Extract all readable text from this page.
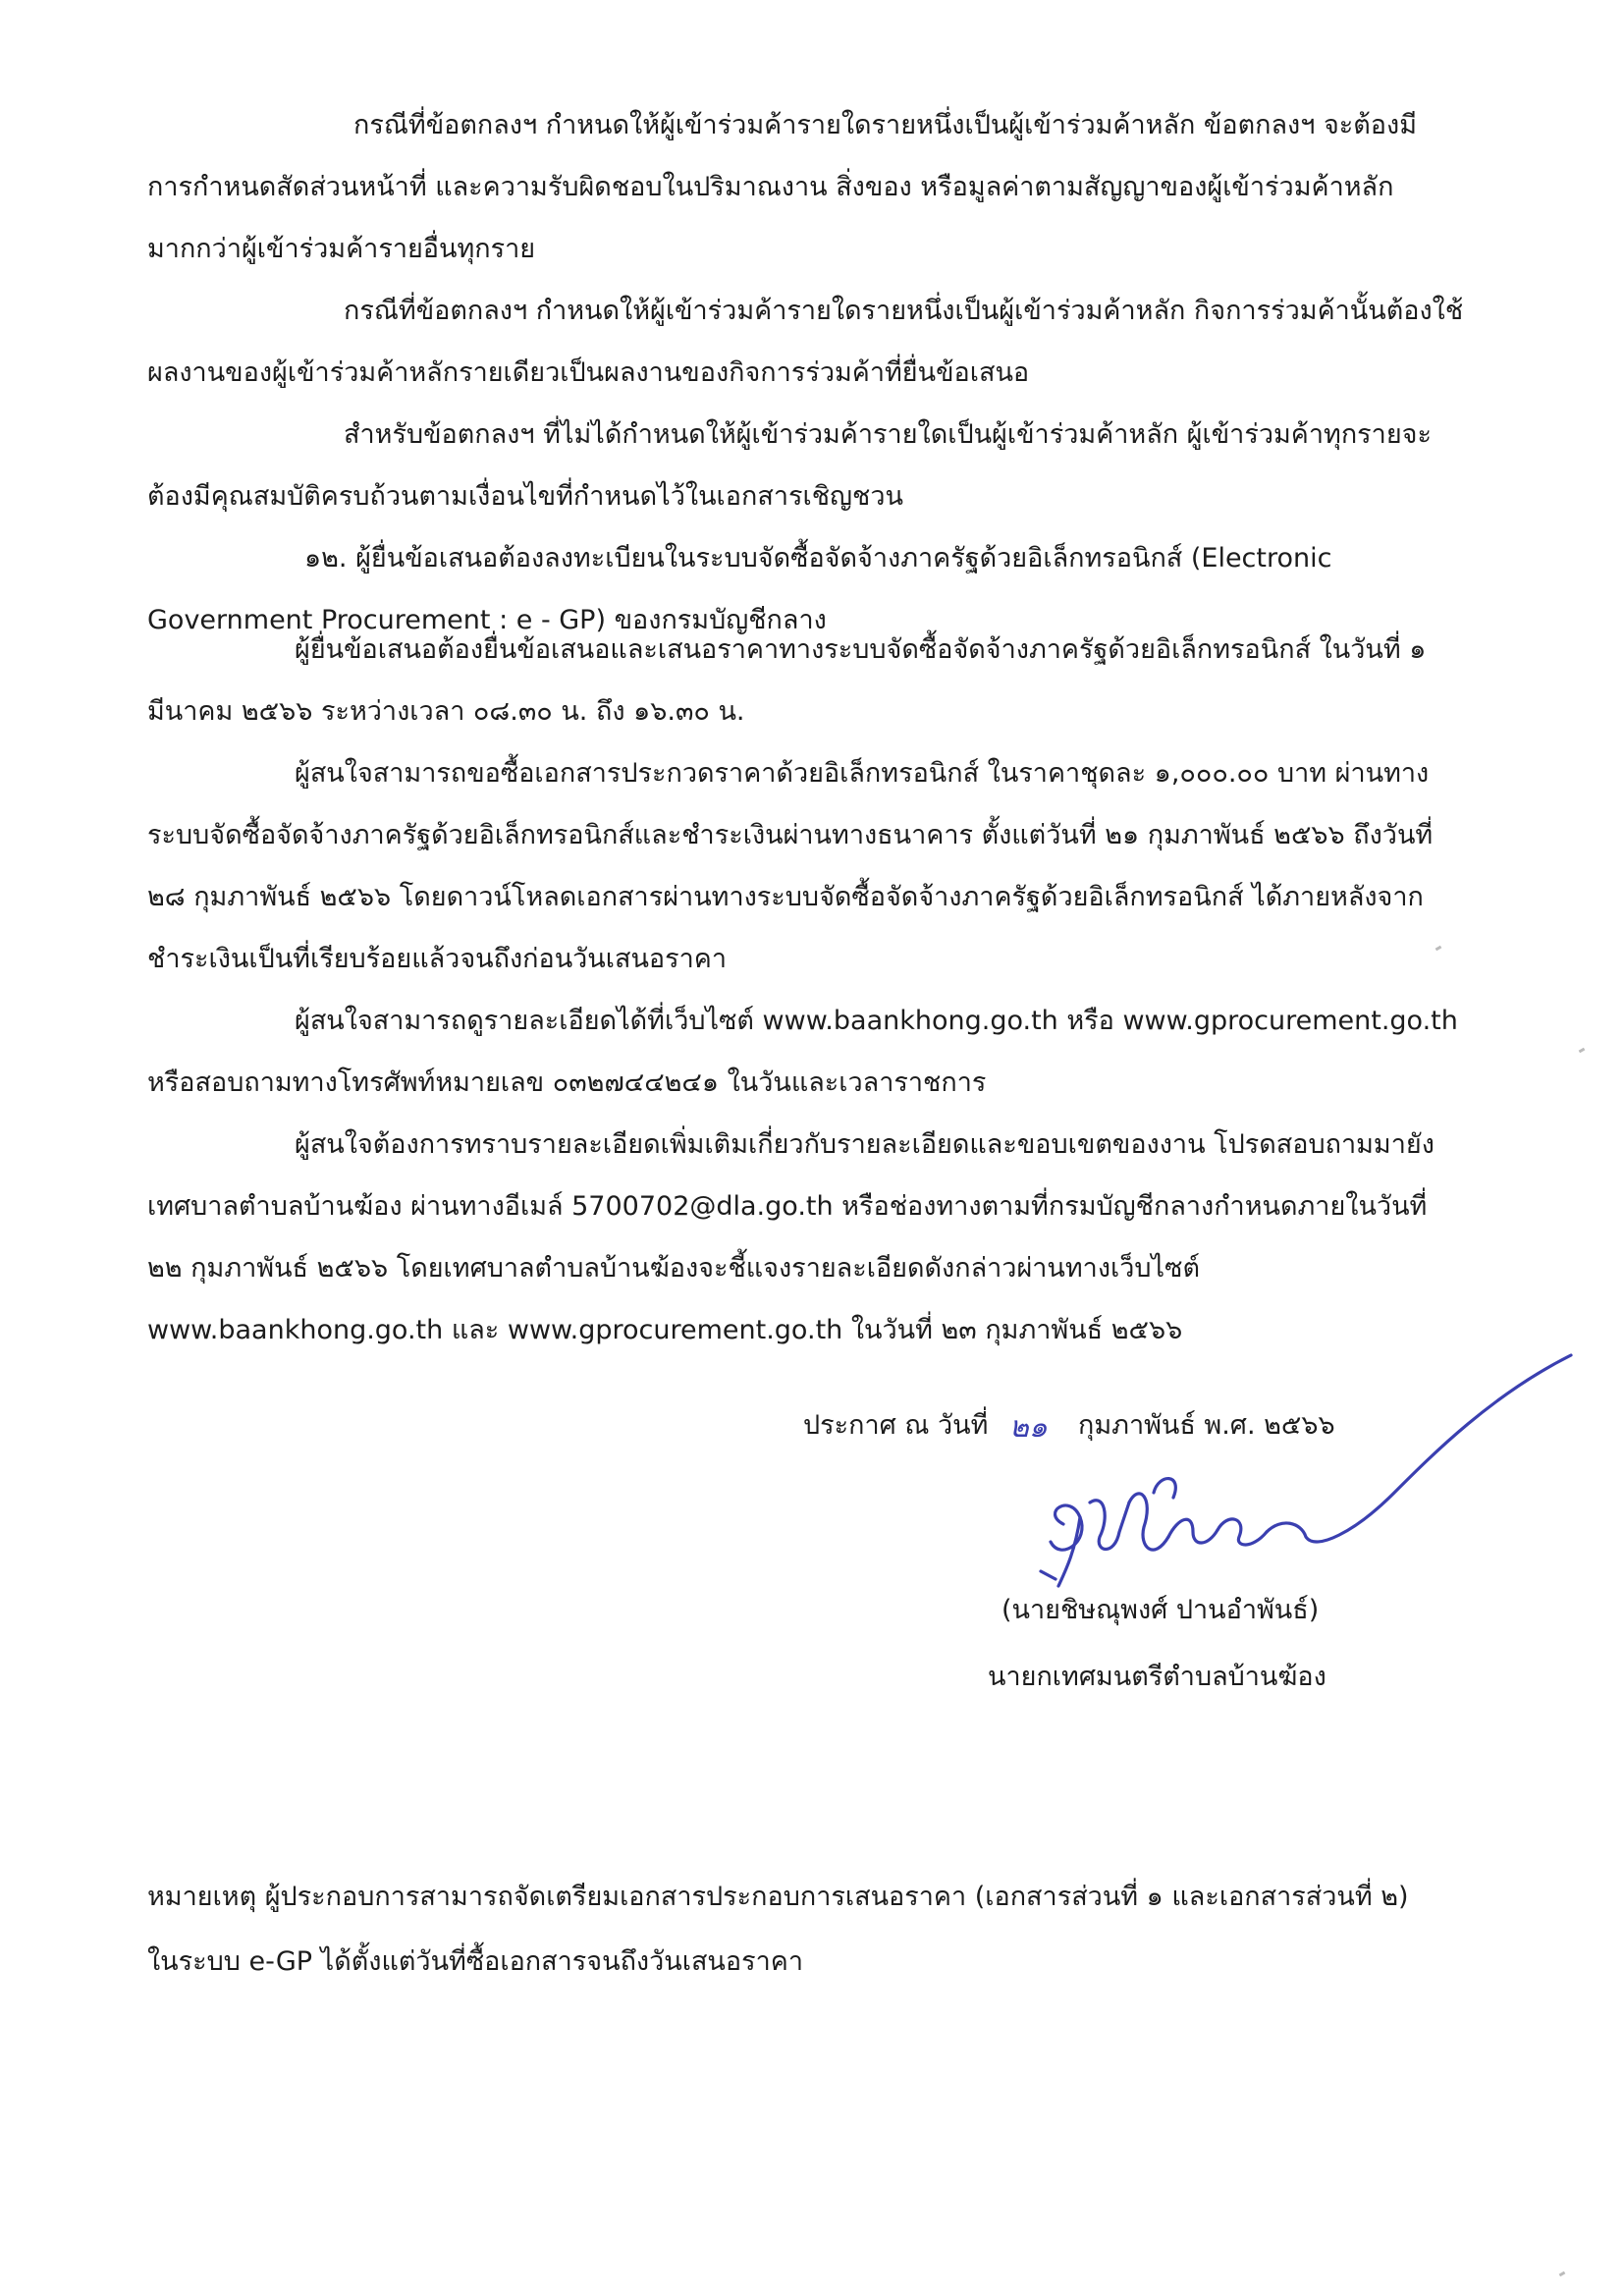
กรณีที่ข้อตกลงฯ กำหนดให้ผู้เข้าร่วมค้ารายใดรายหนึ่งเป็นผู้เข้าร่วมค้าหลัก ข้อตกลงฯ จะต้องมี

การกำหนดสัดส่วนหน้าที่ และความรับผิดชอบในปริมาณงาน สิ่งของ หรือมูลค่าตามสัญญาของผู้เข้าร่วมค้าหลัก

มากกว่าผู้เข้าร่วมค้ารายอื่นทุกราย

กรณีที่ข้อตกลงฯ กำหนดให้ผู้เข้าร่วมค้ารายใดรายหนึ่งเป็นผู้เข้าร่วมค้าหลัก กิจการร่วมค้านั้นต้องใช้

ผลงานของผู้เข้าร่วมค้าหลักรายเดียวเป็นผลงานของกิจการร่วมค้าที่ยื่นข้อเสนอ

สำหรับข้อตกลงฯ ที่ไม่ได้กำหนดให้ผู้เข้าร่วมค้ารายใดเป็นผู้เข้าร่วมค้าหลัก ผู้เข้าร่วมค้าทุกรายจะ

ต้องมีคุณสมบัติครบถ้วนตามเงื่อนไขที่กำหนดไว้ในเอกสารเชิญชวน

๑๒. ผู้ยื่นข้อเสนอต้องลงทะเบียนในระบบจัดซื้อจัดจ้างภาครัฐด้วยอิเล็กทรอนิกส์ (Electronic

Government Procurement : e - GP) ของกรมบัญชีกลาง

ผู้ยื่นข้อเสนอต้องยื่นข้อเสนอและเสนอราคาทางระบบจัดซื้อจัดจ้างภาครัฐด้วยอิเล็กทรอนิกส์ ในวันที่ ๑

มีนาคม ๒๕๖๖ ระหว่างเวลา ๐๘.๓๐ น. ถึง ๑๖.๓๐ น.

ผู้สนใจสามารถขอซื้อเอกสารประกวดราคาด้วยอิเล็กทรอนิกส์ ในราคาชุดละ ๑,๐๐๐.๐๐ บาท ผ่านทาง

ระบบจัดซื้อจัดจ้างภาครัฐด้วยอิเล็กทรอนิกส์และชำระเงินผ่านทางธนาคาร ตั้งแต่วันที่ ๒๑ กุมภาพันธ์ ๒๕๖๖ ถึงวันที่

๒๘ กุมภาพันธ์ ๒๕๖๖ โดยดาวน์โหลดเอกสารผ่านทางระบบจัดซื้อจัดจ้างภาครัฐด้วยอิเล็กทรอนิกส์ ได้ภายหลังจาก

ชำระเงินเป็นที่เรียบร้อยแล้วจนถึงก่อนวันเสนอราคา

ผู้สนใจสามารถดูรายละเอียดได้ที่เว็บไซต์ www.baankhong.go.th หรือ www.gprocurement.go.th

หรือสอบถามทางโทรศัพท์หมายเลข ๐๓๒๗๔๔๒๔๑ ในวันและเวลาราชการ

ผู้สนใจต้องการทราบรายละเอียดเพิ่มเติมเกี่ยวกับรายละเอียดและขอบเขตของงาน โปรดสอบถามมายัง

เทศบาลตำบลบ้านฆ้อง ผ่านทางอีเมล์ 5700702@dla.go.th หรือช่องทางตามที่กรมบัญชีกลางกำหนดภายในวันที่

๒๒ กุมภาพันธ์ ๒๕๖๖ โดยเทศบาลตำบลบ้านฆ้องจะชี้แจงรายละเอียดดังกล่าวผ่านทางเว็บไซต์

www.baankhong.go.th และ www.gprocurement.go.th ในวันที่ ๒๓ กุมภาพันธ์ ๒๕๖๖

ประกาศ ณ วันที่ ๒๑ กุมภาพันธ์ พ.ศ. ๒๕๖๖

(นายชิษณุพงศ์ ปานอำพันธ์)

นายกเทศมนตรีตำบลบ้านฆ้อง

หมายเหตุ ผู้ประกอบการสามารถจัดเตรียมเอกสารประกอบการเสนอราคา (เอกสารส่วนที่ ๑ และเอกสารส่วนที่ ๒)

ในระบบ e-GP ได้ตั้งแต่วันที่ซื้อเอกสารจนถึงวันเสนอราคา
